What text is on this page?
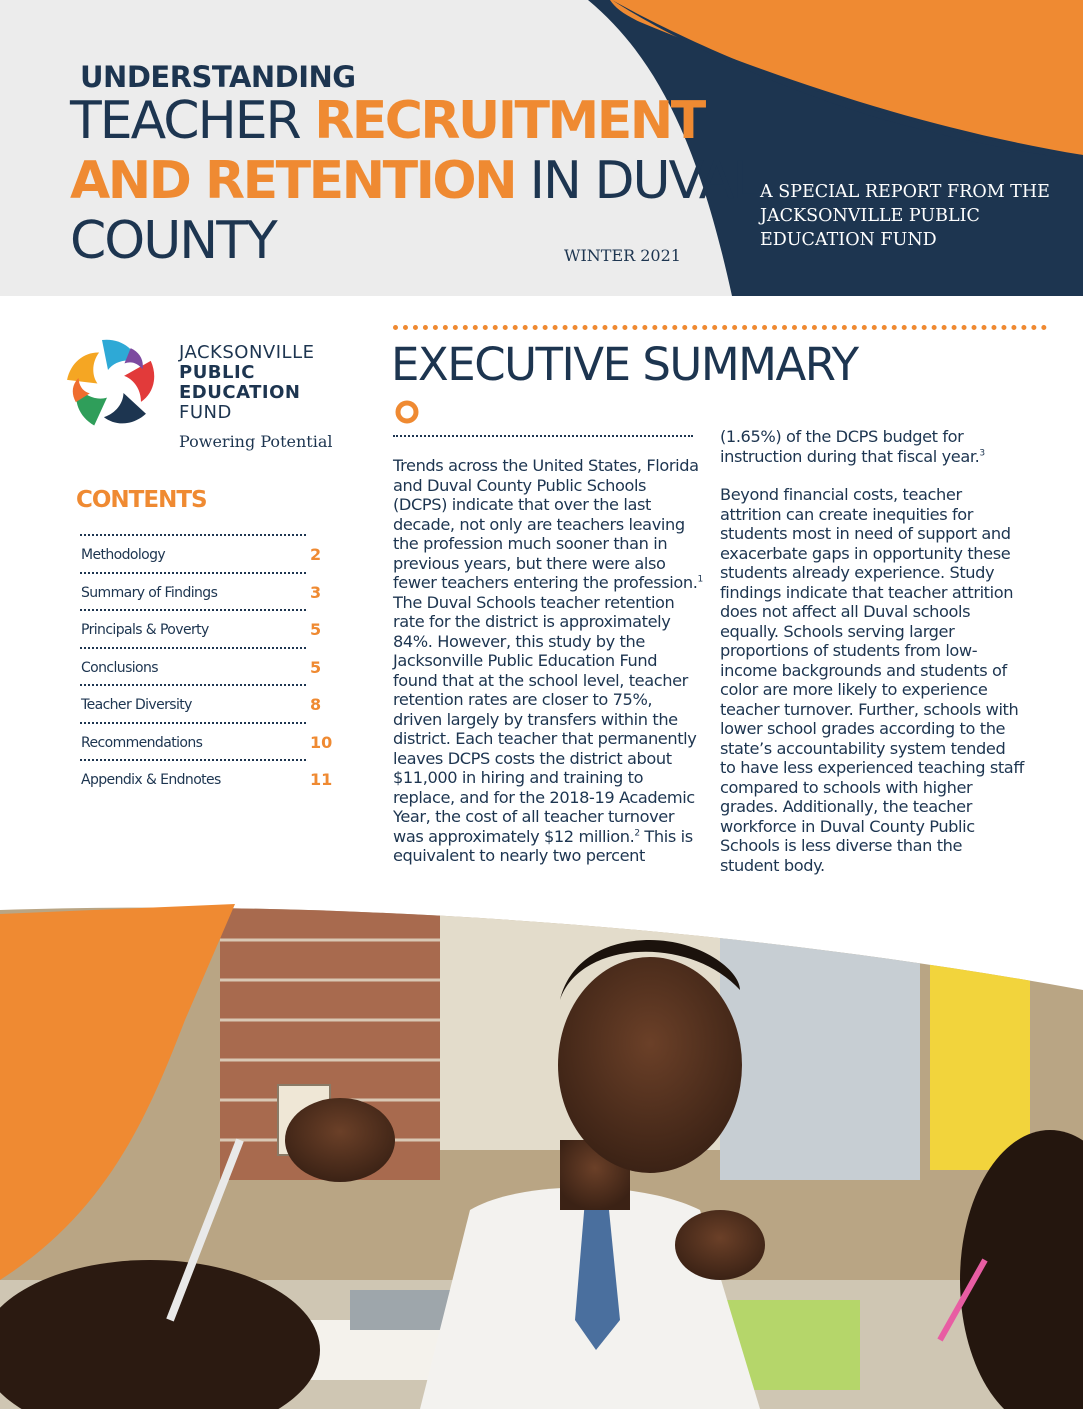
UNDERSTANDING
TEACHER RECRUITMENT
AND RETENTION IN DUVAL
COUNTY	WINTER 2021
A SPECIAL REPORT FROM THE JACKSONVILLE PUBLIC EDUCATION FUND
JACKSONVILLE
PUBLIC
EDUCATION
FUND
Powering Potential
CONTENTS
Methodology	2
Summary of Findings	3
Principals & Poverty	5
Conclusions	5
Teacher Diversity	8
Recommendations	10
Appendix & Endnotes	11
EXECUTIVE SUMMARY

Trends across the United States, Florida and Duval County Public Schools (DCPS) indicate that over the last decade, not only are teachers leaving the profession much sooner than in previous years, but there were also fewer teachers entering the profession.$^1$ The Duval Schools teacher retention rate for the district is approximately 84%. However, this study by the Jacksonville Public Education Fund found that at the school level, teacher retention rates are closer to 75%, driven largely by transfers within the district. Each teacher that permanently leaves DCPS costs the district about $11,000 in hiring and training to replace, and for the 2018-19 Academic Year, the cost of all teacher turnover was approximately $12 million.$^2$ This is equivalent to nearly two percent

(1.65%) of the DCPS budget for instruction during that fiscal year.$^3$

Beyond financial costs, teacher attrition can create inequities for students most in need of support and exacerbate gaps in opportunity these students already experience. Study findings indicate that teacher attrition does not affect all Duval schools equally. Schools serving larger proportions of students from low-income backgrounds and students of color are more likely to experience teacher turnover. Further, schools with lower school grades according to the state’s accountability system tended to have less experienced teaching staff compared to schools with higher grades. Additionally, the teacher workforce in Duval County Public Schools is less diverse than the student body.
